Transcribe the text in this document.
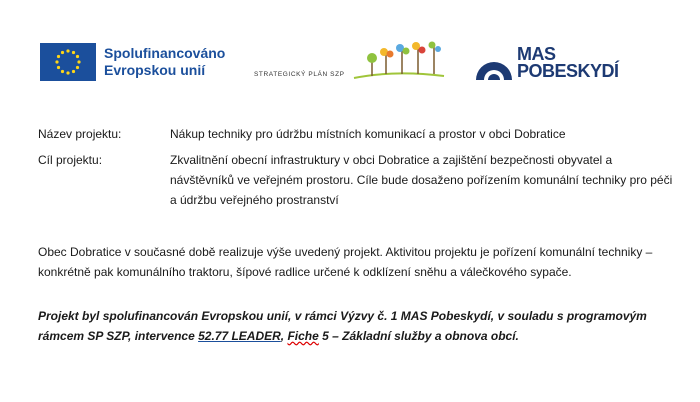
Spolufinancováno
Evropskou unií	STRATEGICKÝ PLÁN SZP
MAS
POBESKYDÍ
Název projektu:	Nákup techniky pro údržbu místních komunikací a prostor v obci Dobratice
Cíl projektu:	Zkvalitnění obecní infrastruktury v obci Dobratice a zajištění bezpečnosti obyvatel a návštěvníků ve veřejném prostoru. Cíle bude dosaženo pořízením komunální techniky pro péči a údržbu veřejného prostranství
Obec Dobratice v současné době realizuje výše uvedený projekt. Aktivitou projektu je pořízení komunální techniky – konkrétně pak komunálního traktoru, šípové radlice určené k odklízení sněhu a válečkového sypače.
Projekt byl spolufinancován Evropskou unií, v rámci Výzvy č. 1 MAS Pobeskydí, v souladu s programovým rámcem SP SZP, intervence 52.77 LEADER, Fiche 5 – Základní služby a obnova obcí.
